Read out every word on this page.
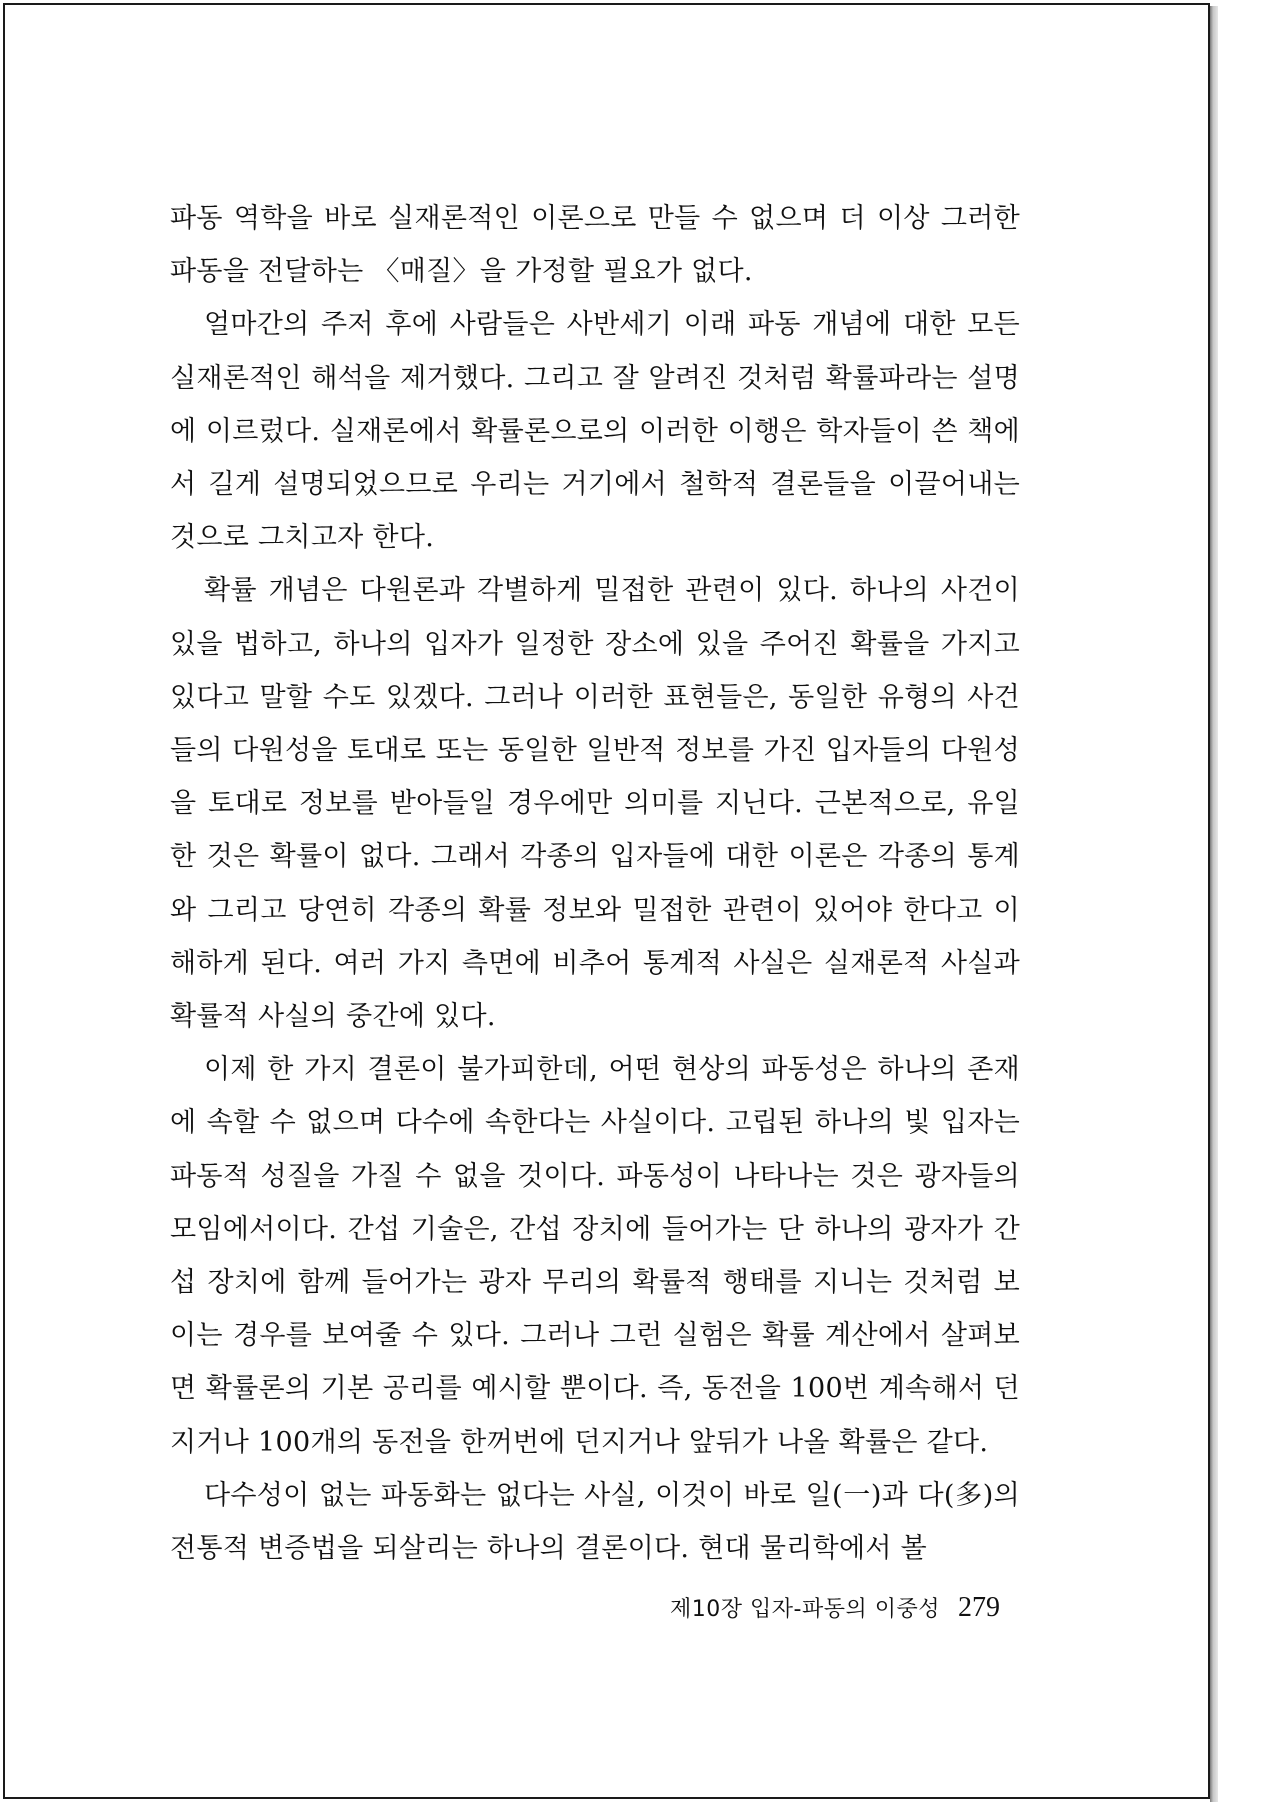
파동 역학을 바로 실재론적인 이론으로 만들 수 없으며 더 이상 그러한 파동을 전달하는 〈매질〉을 가정할 필요가 없다.

얼마간의 주저 후에 사람들은 사반세기 이래 파동 개념에 대한 모든 실재론적인 해석을 제거했다. 그리고 잘 알려진 것처럼 확률파라는 설명에 이르렀다. 실재론에서 확률론으로의 이러한 이행은 학자들이 쓴 책에서 길게 설명되었으므로 우리는 거기에서 철학적 결론들을 이끌어내는 것으로 그치고자 한다.

확률 개념은 다원론과 각별하게 밀접한 관련이 있다. 하나의 사건이 있을 법하고, 하나의 입자가 일정한 장소에 있을 주어진 확률을 가지고 있다고 말할 수도 있겠다. 그러나 이러한 표현들은, 동일한 유형의 사건들의 다원성을 토대로 또는 동일한 일반적 정보를 가진 입자들의 다원성을 토대로 정보를 받아들일 경우에만 의미를 지닌다. 근본적으로, 유일한 것은 확률이 없다. 그래서 각종의 입자들에 대한 이론은 각종의 통계와 그리고 당연히 각종의 확률 정보와 밀접한 관련이 있어야 한다고 이해하게 된다. 여러 가지 측면에 비추어 통계적 사실은 실재론적 사실과 확률적 사실의 중간에 있다.

이제 한 가지 결론이 불가피한데, 어떤 현상의 파동성은 하나의 존재에 속할 수 없으며 다수에 속한다는 사실이다. 고립된 하나의 빛 입자는 파동적 성질을 가질 수 없을 것이다. 파동성이 나타나는 것은 광자들의 모임에서이다. 간섭 기술은, 간섭 장치에 들어가는 단 하나의 광자가 간섭 장치에 함께 들어가는 광자 무리의 확률적 행태를 지니는 것처럼 보이는 경우를 보여줄 수 있다. 그러나 그런 실험은 확률 계산에서 살펴보면 확률론의 기본 공리를 예시할 뿐이다. 즉, 동전을 100번 계속해서 던지거나 100개의 동전을 한꺼번에 던지거나 앞뒤가 나올 확률은 같다.

다수성이 없는 파동화는 없다는 사실, 이것이 바로 일(一)과 다(多)의 전통적 변증법을 되살리는 하나의 결론이다. 현대 물리학에서 볼

제10장 입자-파동의 이중성 279
